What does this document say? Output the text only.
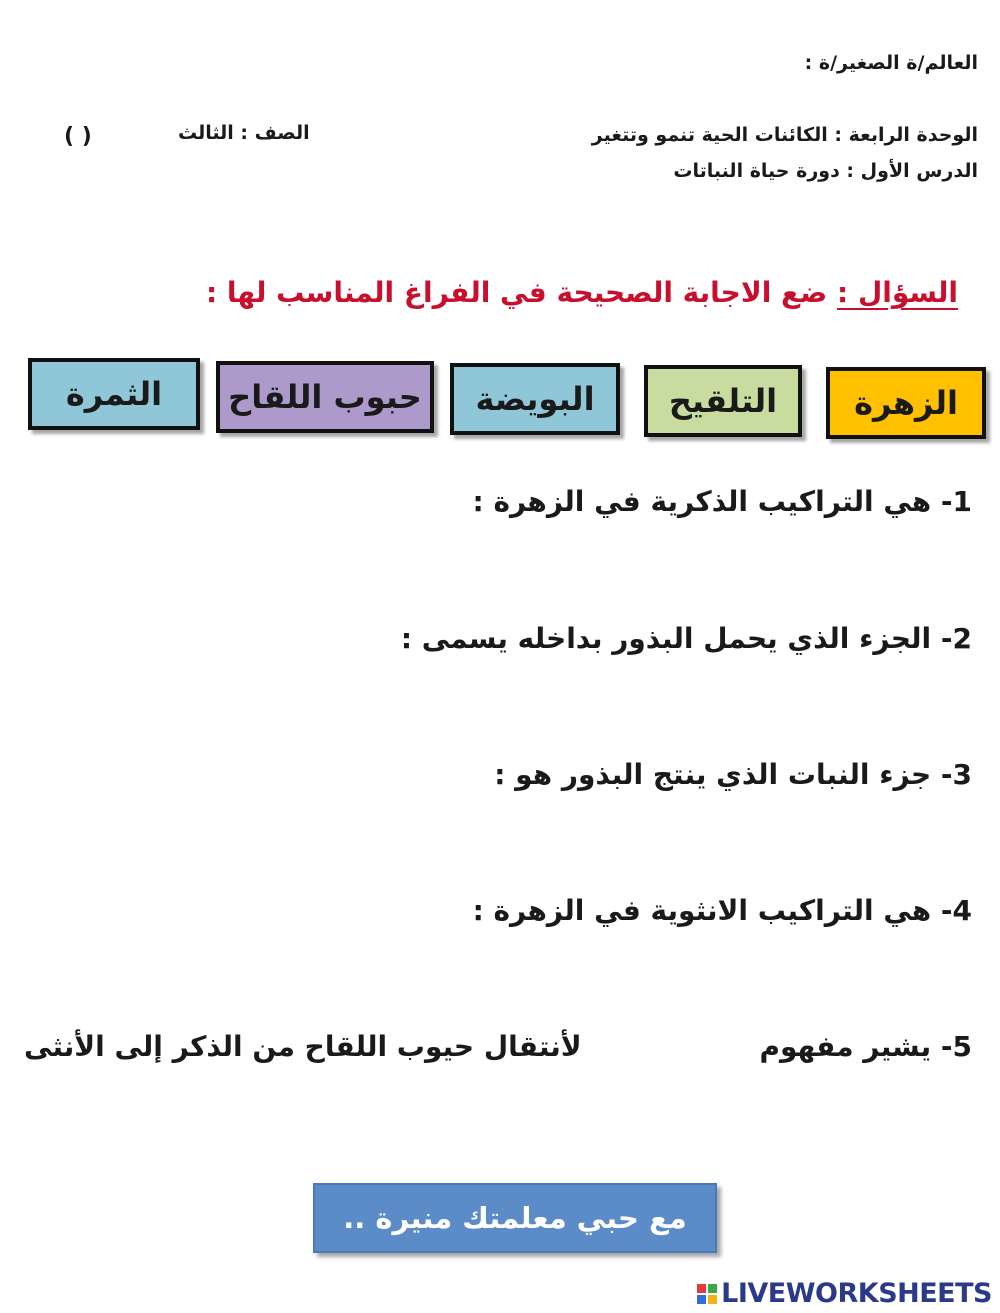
العالم/ة الصغير/ة :
الوحدة الرابعة : الكائنات الحية تنمو وتتغير
الدرس الأول : دورة حياة النباتات
الصف : الثالث
( )
السؤال : ضع الاجابة الصحيحة في الفراغ المناسب لها :
الزهرة
التلقيح
البويضة
حبوب اللقاح
الثمرة
1- هي التراكيب الذكرية في الزهرة :
2- الجزء الذي يحمل البذور بداخله يسمى :
3- جزء النبات الذي ينتج البذور هو :
4- هي التراكيب الانثوية في الزهرة :
5- يشير مفهوم
لأنتقال حيوب اللقاح من الذكر إلى الأنثى
مع حبي معلمتك منيرة ..
LIVEWORKSHEETS
